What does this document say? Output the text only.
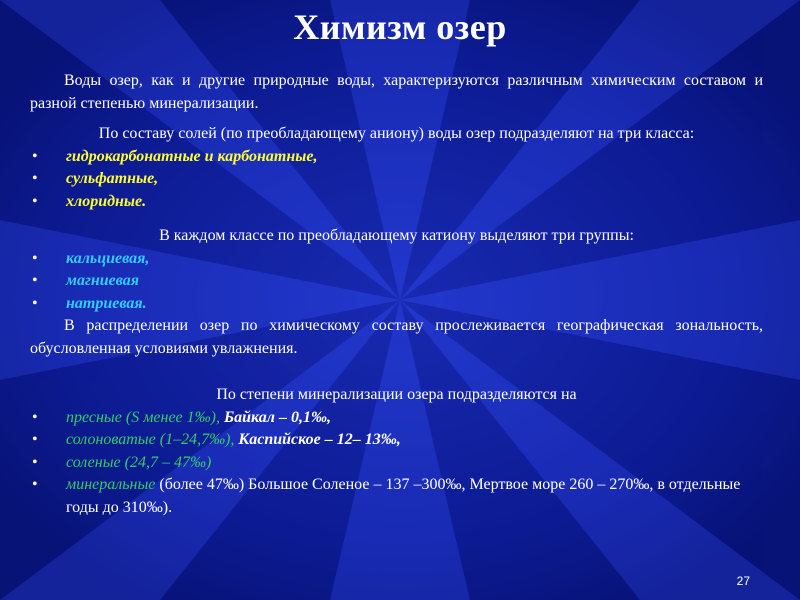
Химизм озер

Воды озер, как и другие природные воды, характеризуются различным химическим составом и разной степенью минерализации.

По составу солей (по преобладающему аниону) воды озер подразделяют на три класса:

• гидрокарбонатные и карбонатные,
• сульфатные,
• хлоридные.

В каждом классе по преобладающему катиону выделяют три группы:

• кальциевая,
• магниевая
• натриевая.

В распределении озер по химическому составу прослеживается географическая зональность, обусловленная условиями увлажнения.

По степени минерализации озера подразделяются на

• пресные (S менее 1‰), Байкал – 0,1‰,
• солоноватые (1–24,7‰), Каспийское – 12– 13‰,
• соленые (24,7 – 47‰)
• минеральные (более 47‰) Большое Соленое – 137 –300‰, Мертвое море 260 – 270‰, в отдельные годы до 310‰).
27
